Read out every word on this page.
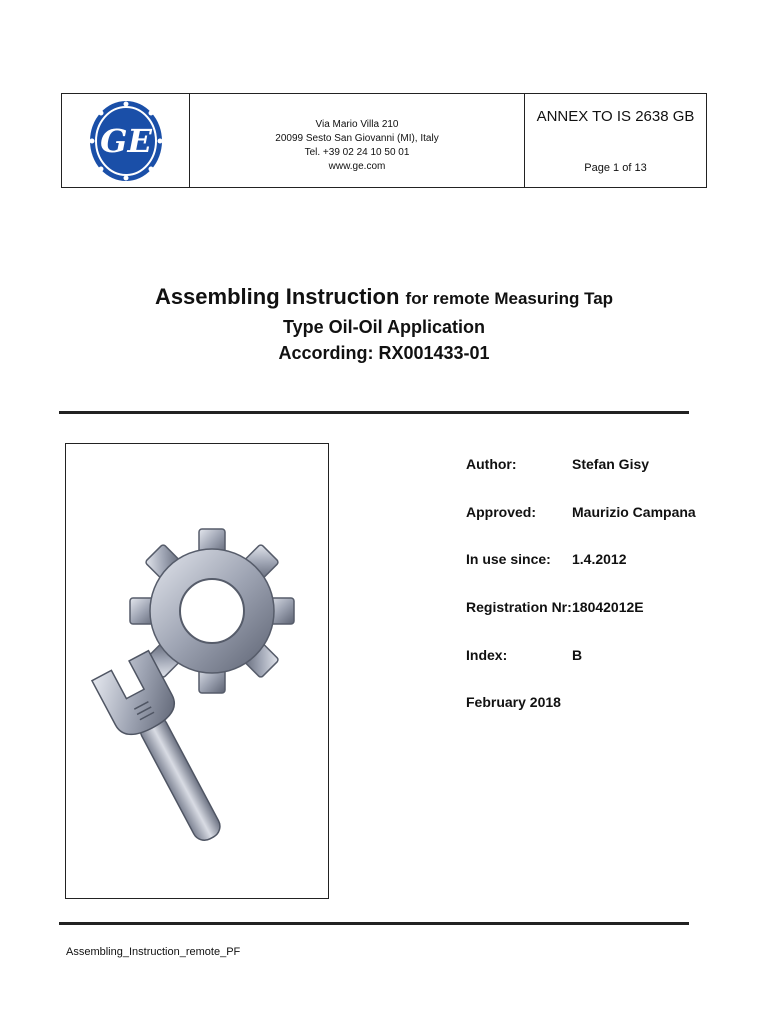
GE	Via Mario Villa 210
20099 Sesto San Giovanni (MI), Italy
Tel. +39 02 24 10 50 01
www.ge.com
ANNEX TO IS 2638 GB
Page 1 of 13
Assembling Instruction for remote Measuring Tap
Type Oil-Oil Application
According: RX001433-01
Author:	Stefan Gisy
Approved:	Maurizio Campana
In use since: 1.4.2012
Registration Nr: 18042012E
Index:	B
February 2018
Assembling_Instruction_remote_PF
